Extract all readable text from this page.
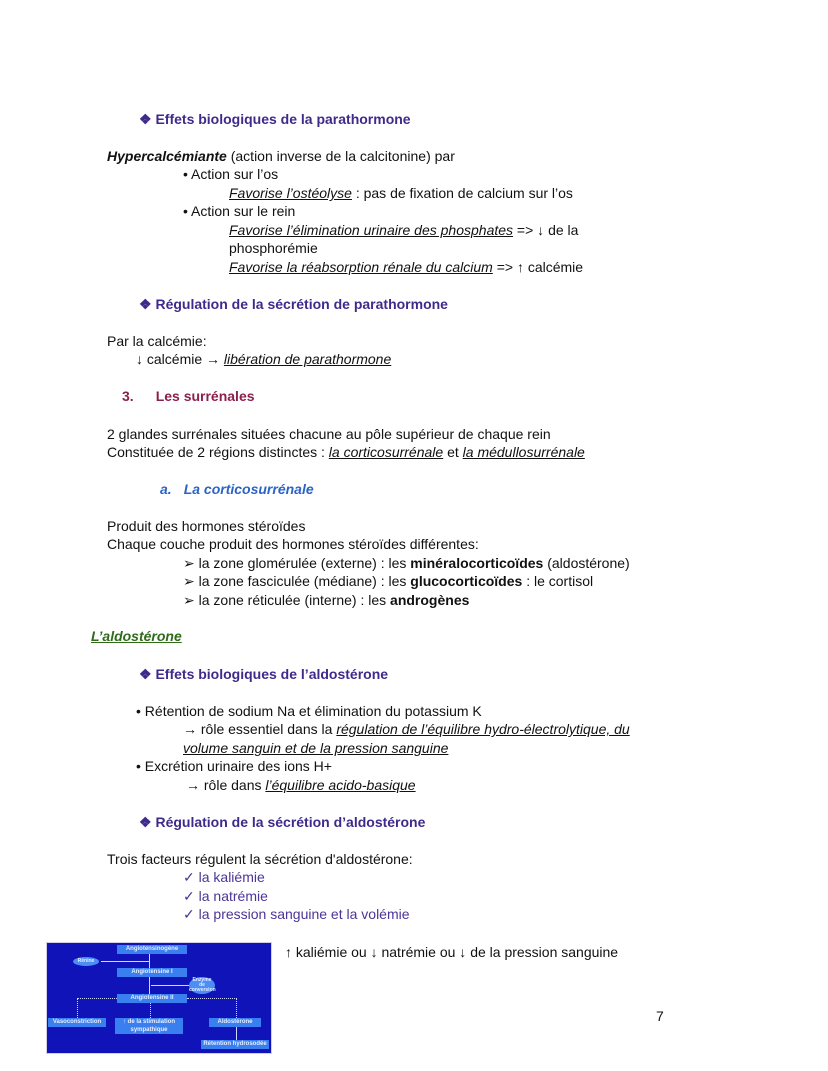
❖ Effets biologiques de la parathormone
Hypercalcémiante (action inverse de la calcitonine) par
• Action sur l’os
Favorise l’ostéolyse : pas de fixation de calcium sur l’os
• Action sur le rein
Favorise l’élimination urinaire des phosphates => ↓ de la
phosphorémie
Favorise la réabsorption rénale du calcium => ↑ calcémie
❖ Régulation de la sécrétion de parathormone
Par la calcémie:
↓ calcémie → libération de parathormone
3. Les surrénales
2 glandes surrénales situées chacune au pôle supérieur de chaque rein
Constituée de 2 régions distinctes : la corticosurrénale et la médullosurrénale
a. La corticosurrénale
Produit des hormones stéroïdes
Chaque couche produit des hormones stéroïdes différentes:
➢ la zone glomérulée (externe) : les minéralocorticoïdes (aldostérone)
➢ la zone fasciculée (médiane) : les glucocorticoïdes : le cortisol
➢ la zone réticulée (interne) : les androgènes
L’aldostérone
❖ Effets biologiques de l’aldostérone
• Rétention de sodium Na et élimination du potassium K
→ rôle essentiel dans la régulation de l’équilibre hydro-électrolytique, du
volume sanguin et de la pression sanguine
• Excrétion urinaire des ions H+
→ rôle dans l’équilibre acido-basique
❖ Régulation de la sécrétion d’aldostérone
Trois facteurs régulent la sécrétion d'aldostérone:
✓ la kaliémie
✓ la natrémie
✓ la pression sanguine et la volémie
Angiotensinogène
Rénine
Angiotensine I
Enzyme de conversion
Angiotensine II
Vasoconstriction	↑ de la stimulation sympathique
Aldostérone
Rétention hydrosodée
↑ kaliémie ou ↓ natrémie ou ↓ de la pression sanguine
7
